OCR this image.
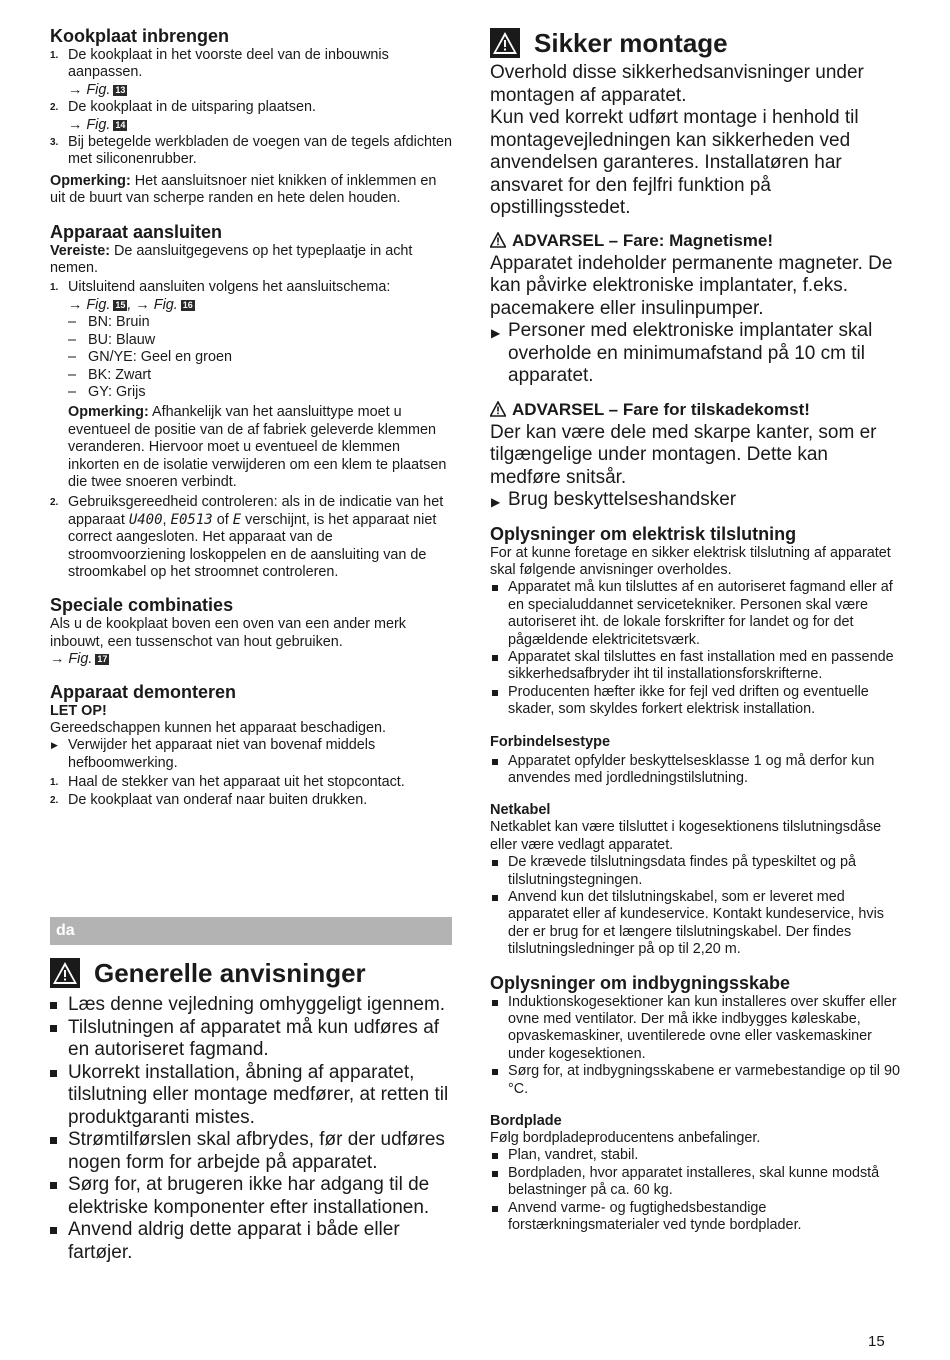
Kookplaat inbrengen
1. De kookplaat in het voorste deel van de inbouwnis aanpassen.
→ Fig. 13
2. De kookplaat in de uitsparing plaatsen.
→ Fig. 14
3. Bij betegelde werkbladen de voegen van de tegels afdichten met siliconenrubber.

Opmerking: Het aansluitsnoer niet knikken of inklemmen en uit de buurt van scherpe randen en hete delen houden.

Apparaat aansluiten

Vereiste: De aansluitgegevens op het typeplaatje in acht nemen.

1. Uitsluitend aansluiten volgens het aansluitschema:
→ Fig. 15 , → Fig. 16
– BN: Bruin
– BU: Blauw
– GN/YE: Geel en groen
– BK: Zwart
– GY: Grijs

Opmerking: Afhankelijk van het aansluittype moet u eventueel de positie van de af fabriek geleverde klemmen veranderen. Hiervoor moet u eventueel de klemmen inkorten en de isolatie verwijderen om een klem te plaatsen die twee snoeren verbindt.

2. Gebruiksgereedheid controleren: als in de indicatie van het apparaat U400, E0513 of E verschijnt, is het apparaat niet correct aangesloten. Het apparaat van de stroomvoorziening loskoppelen en de aansluiting van de stroomkabel op het stroomnet controleren.
Speciale combinaties

Als u de kookplaat boven een oven van een ander merk inbouwt, een tussenschot van hout gebruiken.
→ Fig. 17

Apparaat demonteren
LET OP!

Gereedschappen kunnen het apparaat beschadigen.

▶ Verwijder het apparaat niet van bovenaf middels hefboomwerking.
1. Haal de stekker van het apparaat uit het stopcontact.
2. De kookplaat van onderaf naar buiten drukken.
da
Generelle anvisninger
Læs denne vejledning omhyggeligt igennem.
Tilslutningen af apparatet må kun udføres af en autoriseret fagmand.
Ukorrekt installation, åbning af apparatet, tilslutning eller montage medfører, at retten til produktgaranti mistes.
Strømtilførslen skal afbrydes, før der udføres nogen form for arbejde på apparatet.
Sørg for, at brugeren ikke har adgang til de elektriske komponenter efter installationen.
Anvend aldrig dette apparat i både eller fartøjer.
Sikker montage

Overhold disse sikkerhedsanvisninger under montagen af apparatet.

Kun ved korrekt udført montage i henhold til montagevejledningen kan sikkerheden ved anvendelsen garanteres. Installatøren har ansvaret for den fejlfri funktion på opstillingsstedet.

ADVARSEL – Fare: Magnetisme!

Apparatet indeholder permanente magneter. De kan påvirke elektroniske implantater, f.eks. pacemakere eller insulinpumper.

▶ Personer med elektroniske implantater skal overholde en minimumafstand på 10 cm til apparatet.
ADVARSEL – Fare for tilskadekomst!

Der kan være dele med skarpe kanter, som er tilgængelige under montagen. Dette kan medføre snitsår.

▶ Brug beskyttelseshandsker
Oplysninger om elektrisk tilslutning

For at kunne foretage en sikker elektrisk tilslutning af apparatet skal følgende anvisninger overholdes.

Apparatet må kun tilsluttes af en autoriseret fagmand eller af en specialuddannet servicetekniker. Personen skal være autoriseret iht. de lokale forskrifter for landet og for det pågældende elektricitetsværk.
Apparatet skal tilsluttes en fast installation med en passende sikkerhedsafbryder iht til installationsforskrifterne.
Producenten hæfter ikke for fejl ved driften og eventuelle skader, som skyldes forkert elektrisk installation.
Forbindelsestype
Apparatet opfylder beskyttelsesklasse 1 og må derfor kun anvendes med jordledningstilslutning.
Netkabel

Netkablet kan være tilsluttet i kogesektionens tilslutningsdåse eller være vedlagt apparatet.

De krævede tilslutningsdata findes på typeskiltet og på tilslutningstegningen.
Anvend kun det tilslutningskabel, som er leveret med apparatet eller af kundeservice. Kontakt kundeservice, hvis der er brug for et længere tilslutningskabel. Der findes tilslutningsledninger på op til 2,20 m.
Oplysninger om indbygningsskabe
Induktionskogesektioner kan kun installeres over skuffer eller ovne med ventilator. Der må ikke indbygges køleskabe, opvaskemaskiner, uventilerede ovne eller vaskemaskiner under kogesektionen.
Sørg for, at indbygningsskabene er varmebestandige op til 90 °C.
Bordplade

Følg bordpladeproducentens anbefalinger.

Plan, vandret, stabil.
Bordpladen, hvor apparatet installeres, skal kunne modstå belastninger på ca. 60 kg.
Anvend varme- og fugtighedsbestandige forstærkningsmaterialer ved tynde bordplader.
15
